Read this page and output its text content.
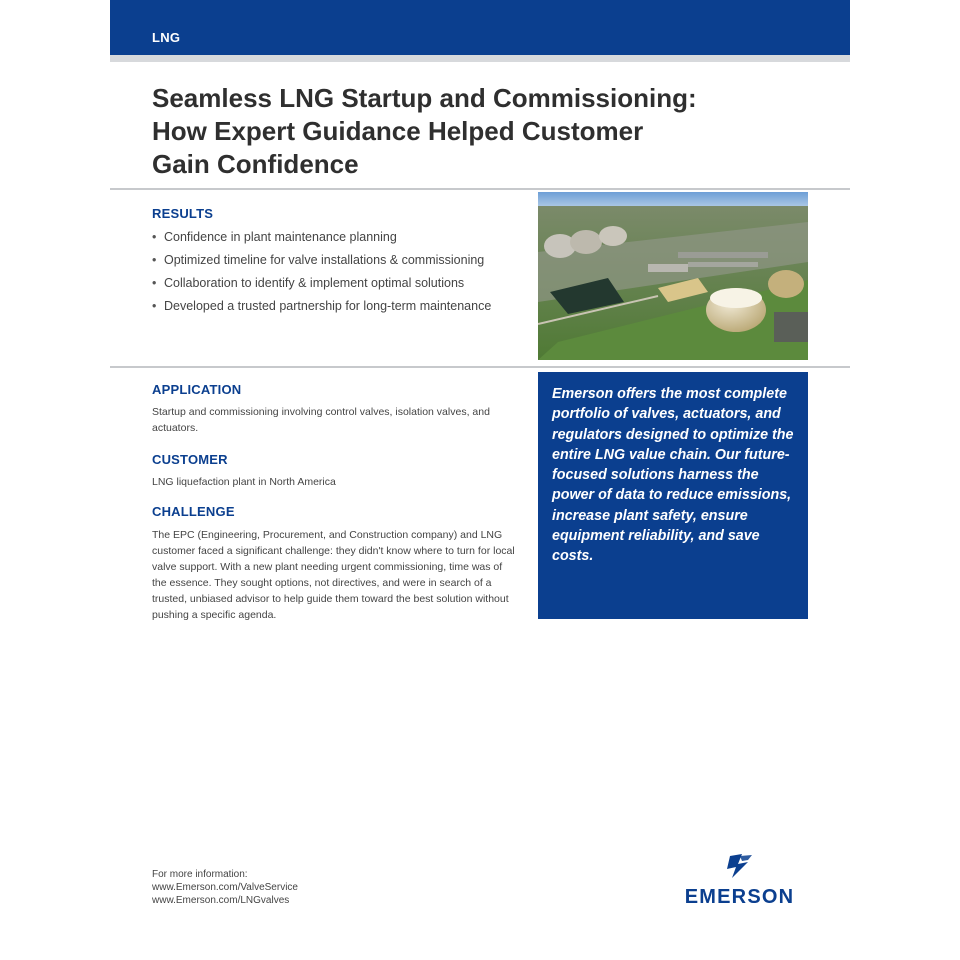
LNG
Seamless LNG Startup and Commissioning:
How Expert Guidance Helped Customer
Gain Confidence
RESULTS
• Confidence in plant maintenance planning
• Optimized timeline for valve installations & commissioning
• Collaboration to identify & implement optimal solutions
• Developed a trusted partnership for long-term maintenance
APPLICATION
Startup and commissioning involving control valves, isolation valves, and actuators.
CUSTOMER
LNG liquefaction plant in North America
CHALLENGE
The EPC (Engineering, Procurement, and Construction company) and LNG customer faced a significant challenge: they didn't know where to turn for local valve support. With a new plant needing urgent commissioning, time was of the essence. They sought options, not directives, and were in search of a trusted, unbiased advisor to help guide them toward the best solution without pushing a specific agenda.
Emerson offers the most complete portfolio of valves, actuators, and regulators designed to optimize the entire LNG value chain. Our future-focused solutions harness the power of data to reduce emissions, increase plant safety, ensure equipment reliability, and save costs.
For more information:
www.Emerson.com/ValveService
www.Emerson.com/LNGvalves	EMERSON
